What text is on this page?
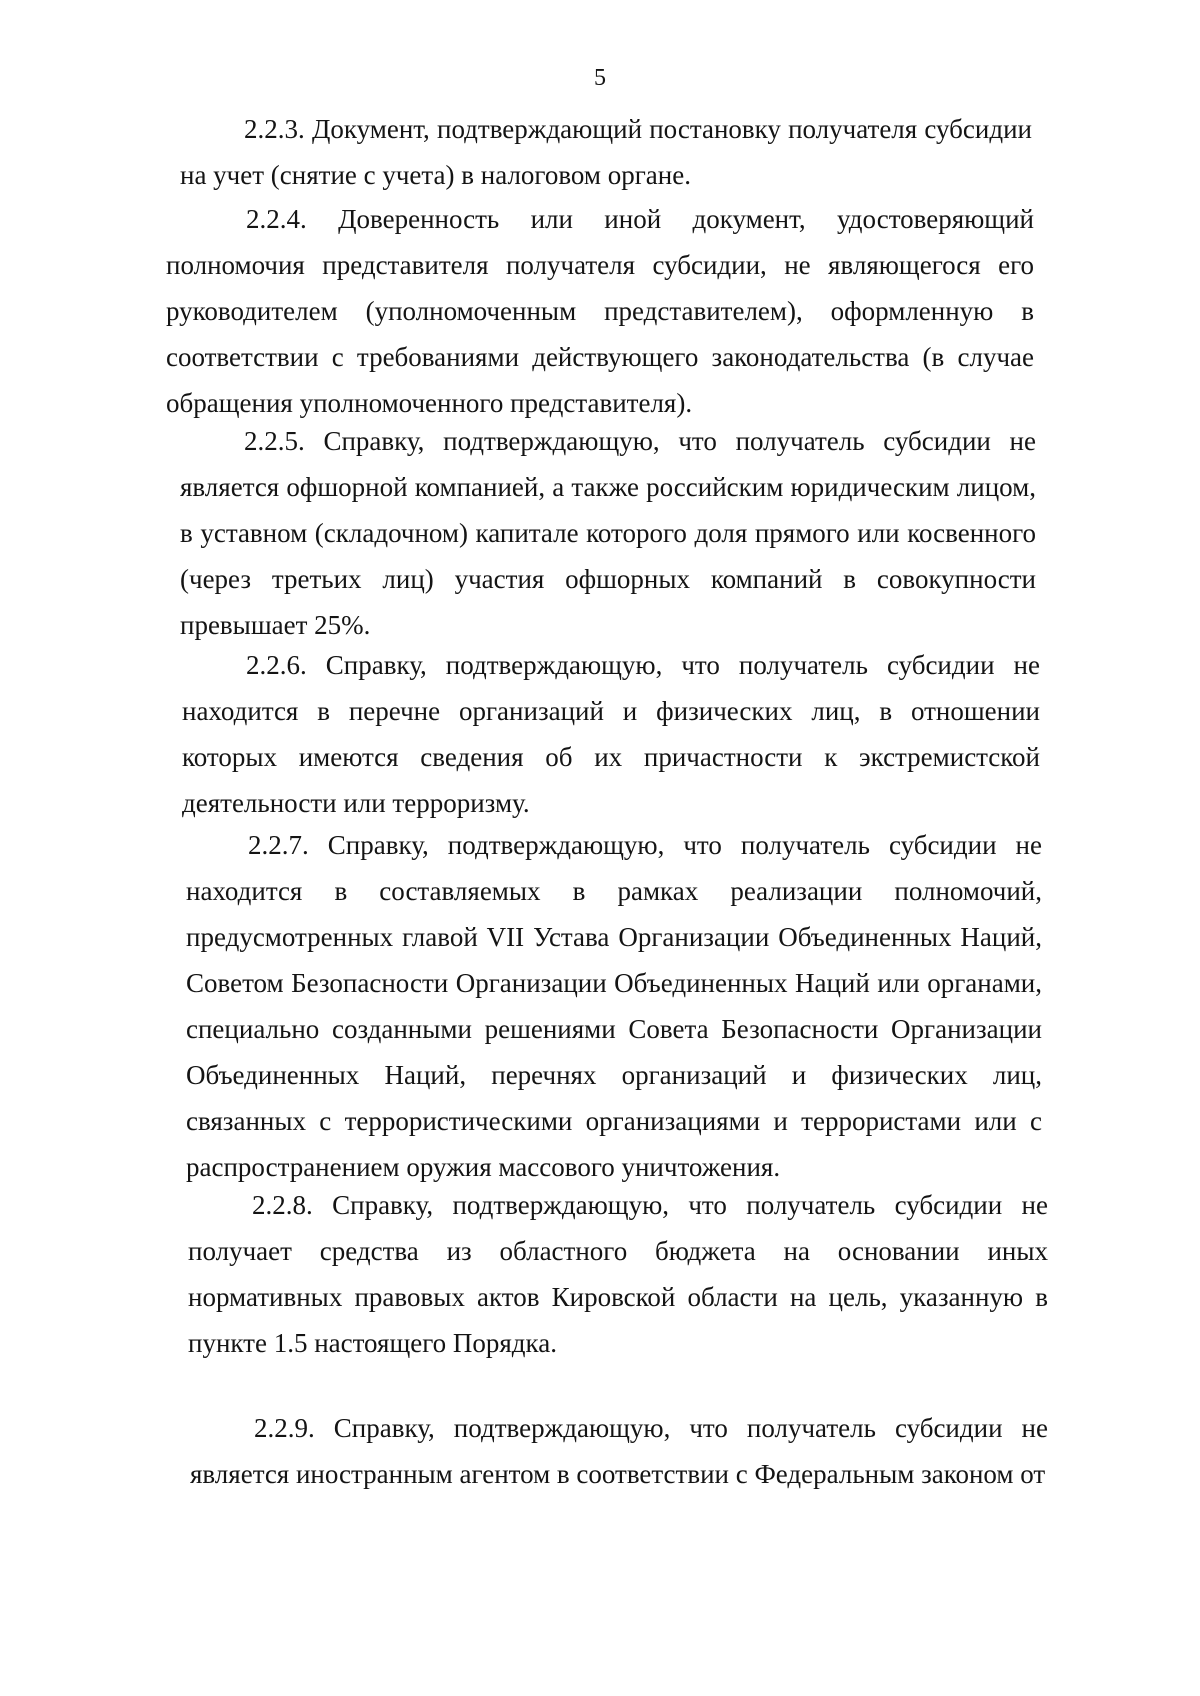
5

2.2.3. Документ, подтверждающий постановку получателя субсидии на учет (снятие с учета) в налоговом органе.

2.2.4. Доверенность или иной документ, удостоверяющий полномочия представителя получателя субсидии, не являющегося его руководителем (уполномоченным представителем), оформленную в соответствии с требованиями действующего законодательства (в случае обращения уполномоченного представителя).

2.2.5. Справку, подтверждающую, что получатель субсидии не является офшорной компанией, а также российским юридическим лицом, в уставном (складочном) капитале которого доля прямого или косвенного (через третьих лиц) участия офшорных компаний в совокупности превышает 25%.

2.2.6. Справку, подтверждающую, что получатель субсидии не находится в перечне организаций и физических лиц, в отношении которых имеются сведения об их причастности к экстремистской деятельности или терроризму.

2.2.7. Справку, подтверждающую, что получатель субсидии не находится в составляемых в рамках реализации полномочий, предусмотренных главой VII Устава Организации Объединенных Наций, Советом Безопасности Организации Объединенных Наций или органами, специально созданными решениями Совета Безопасности Организации Объединенных Наций, перечнях организаций и физических лиц, связанных с террористическими организациями и террористами или с распространением оружия массового уничтожения.

2.2.8. Справку, подтверждающую, что получатель субсидии не получает средства из областного бюджета на основании иных нормативных правовых актов Кировской области на цель, указанную в пункте 1.5 настоящего Порядка.

2.2.9. Справку, подтверждающую, что получатель субсидии не является иностранным агентом в соответствии с Федеральным законом от
